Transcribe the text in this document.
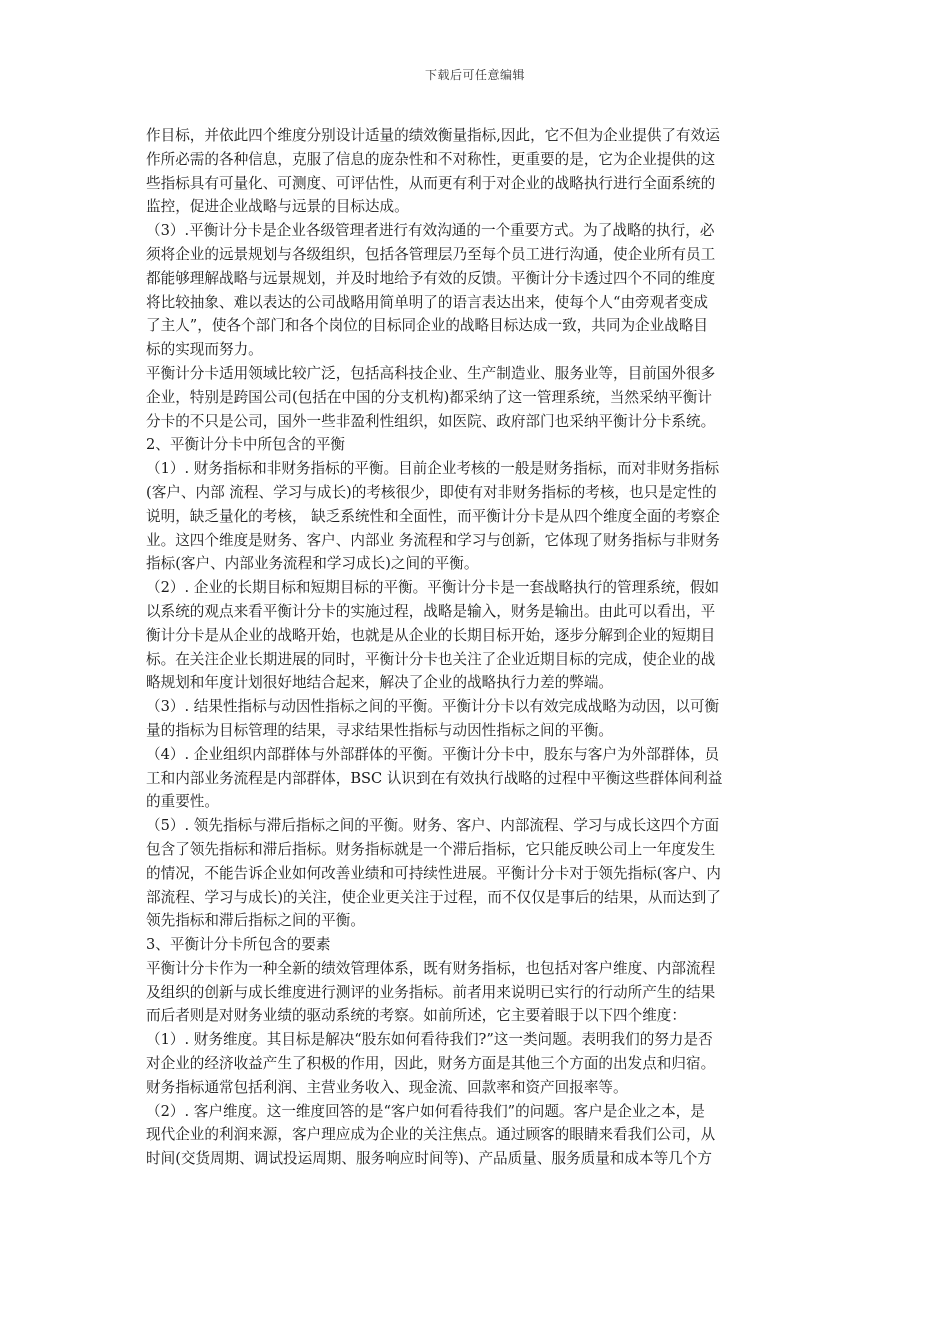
下载后可任意编辑
作目标，并依此四个维度分别设计适量的绩效衡量指标,因此，它不但为企业提供了有效运
作所必需的各种信息，克服了信息的庞杂性和不对称性，更重要的是，它为企业提供的这
些指标具有可量化、可测度、可评估性，从而更有利于对企业的战略执行进行全面系统的
监控，促进企业战略与远景的目标达成。
（3）.平衡计分卡是企业各级管理者进行有效沟通的一个重要方式。为了战略的执行，必
须将企业的远景规划与各级组织，包括各管理层乃至每个员工进行沟通，使企业所有员工
都能够理解战略与远景规划，并及时地给予有效的反馈。平衡计分卡透过四个不同的维度
将比较抽象、难以表达的公司战略用简单明了的语言表达出来，使每个人“由旁观者变成
了主人”，使各个部门和各个岗位的目标同企业的战略目标达成一致，共同为企业战略目
标的实现而努力。
平衡计分卡适用领域比较广泛，包括高科技企业、生产制造业、服务业等，目前国外很多
企业，特别是跨国公司(包括在中国的分支机构)都采纳了这一管理系统，当然采纳平衡计
分卡的不只是公司，国外一些非盈利性组织，如医院、政府部门也采纳平衡计分卡系统。
2、平衡计分卡中所包含的平衡
（1）. 财务指标和非财务指标的平衡。目前企业考核的一般是财务指标，而对非财务指标
(客户、内部 流程、学习与成长)的考核很少，即使有对非财务指标的考核，也只是定性的
说明，缺乏量化的考核， 缺乏系统性和全面性，而平衡计分卡是从四个维度全面的考察企
业。这四个维度是财务、客户、内部业 务流程和学习与创新，它体现了财务指标与非财务
指标(客户、内部业务流程和学习成长)之间的平衡。
（2）. 企业的长期目标和短期目标的平衡。平衡计分卡是一套战略执行的管理系统，假如
以系统的观点来看平衡计分卡的实施过程，战略是输入，财务是输出。由此可以看出，平
衡计分卡是从企业的战略开始，也就是从企业的长期目标开始，逐步分解到企业的短期目
标。在关注企业长期进展的同时，平衡计分卡也关注了企业近期目标的完成，使企业的战
略规划和年度计划很好地结合起来，解决了企业的战略执行力差的弊端。
（3）. 结果性指标与动因性指标之间的平衡。平衡计分卡以有效完成战略为动因，以可衡
量的指标为目标管理的结果，寻求结果性指标与动因性指标之间的平衡。
（4）. 企业组织内部群体与外部群体的平衡。平衡计分卡中，股东与客户为外部群体，员
工和内部业务流程是内部群体，BSC 认识到在有效执行战略的过程中平衡这些群体间利益
的重要性。
（5）. 领先指标与滞后指标之间的平衡。财务、客户、内部流程、学习与成长这四个方面
包含了领先指标和滞后指标。财务指标就是一个滞后指标，它只能反映公司上一年度发生
的情况，不能告诉企业如何改善业绩和可持续性进展。平衡计分卡对于领先指标(客户、内
部流程、学习与成长)的关注，使企业更关注于过程，而不仅仅是事后的结果，从而达到了
领先指标和滞后指标之间的平衡。
3、平衡计分卡所包含的要素
平衡计分卡作为一种全新的绩效管理体系，既有财务指标，也包括对客户维度、内部流程
及组织的创新与成长维度进行测评的业务指标。前者用来说明已实行的行动所产生的结果
而后者则是对财务业绩的驱动系统的考察。如前所述，它主要着眼于以下四个维度：
（1）. 财务维度。其目标是解决“股东如何看待我们?”这一类问题。表明我们的努力是否
对企业的经济收益产生了积极的作用，因此，财务方面是其他三个方面的出发点和归宿。
财务指标通常包括利润、主营业务收入、现金流、回款率和资产回报率等。
（2）. 客户维度。这一维度回答的是“客户如何看待我们”的问题。客户是企业之本，是
现代企业的利润来源，客户理应成为企业的关注焦点。通过顾客的眼睛来看我们公司，从
时间(交货周期、调试投运周期、服务响应时间等)、产品质量、服务质量和成本等几个方
